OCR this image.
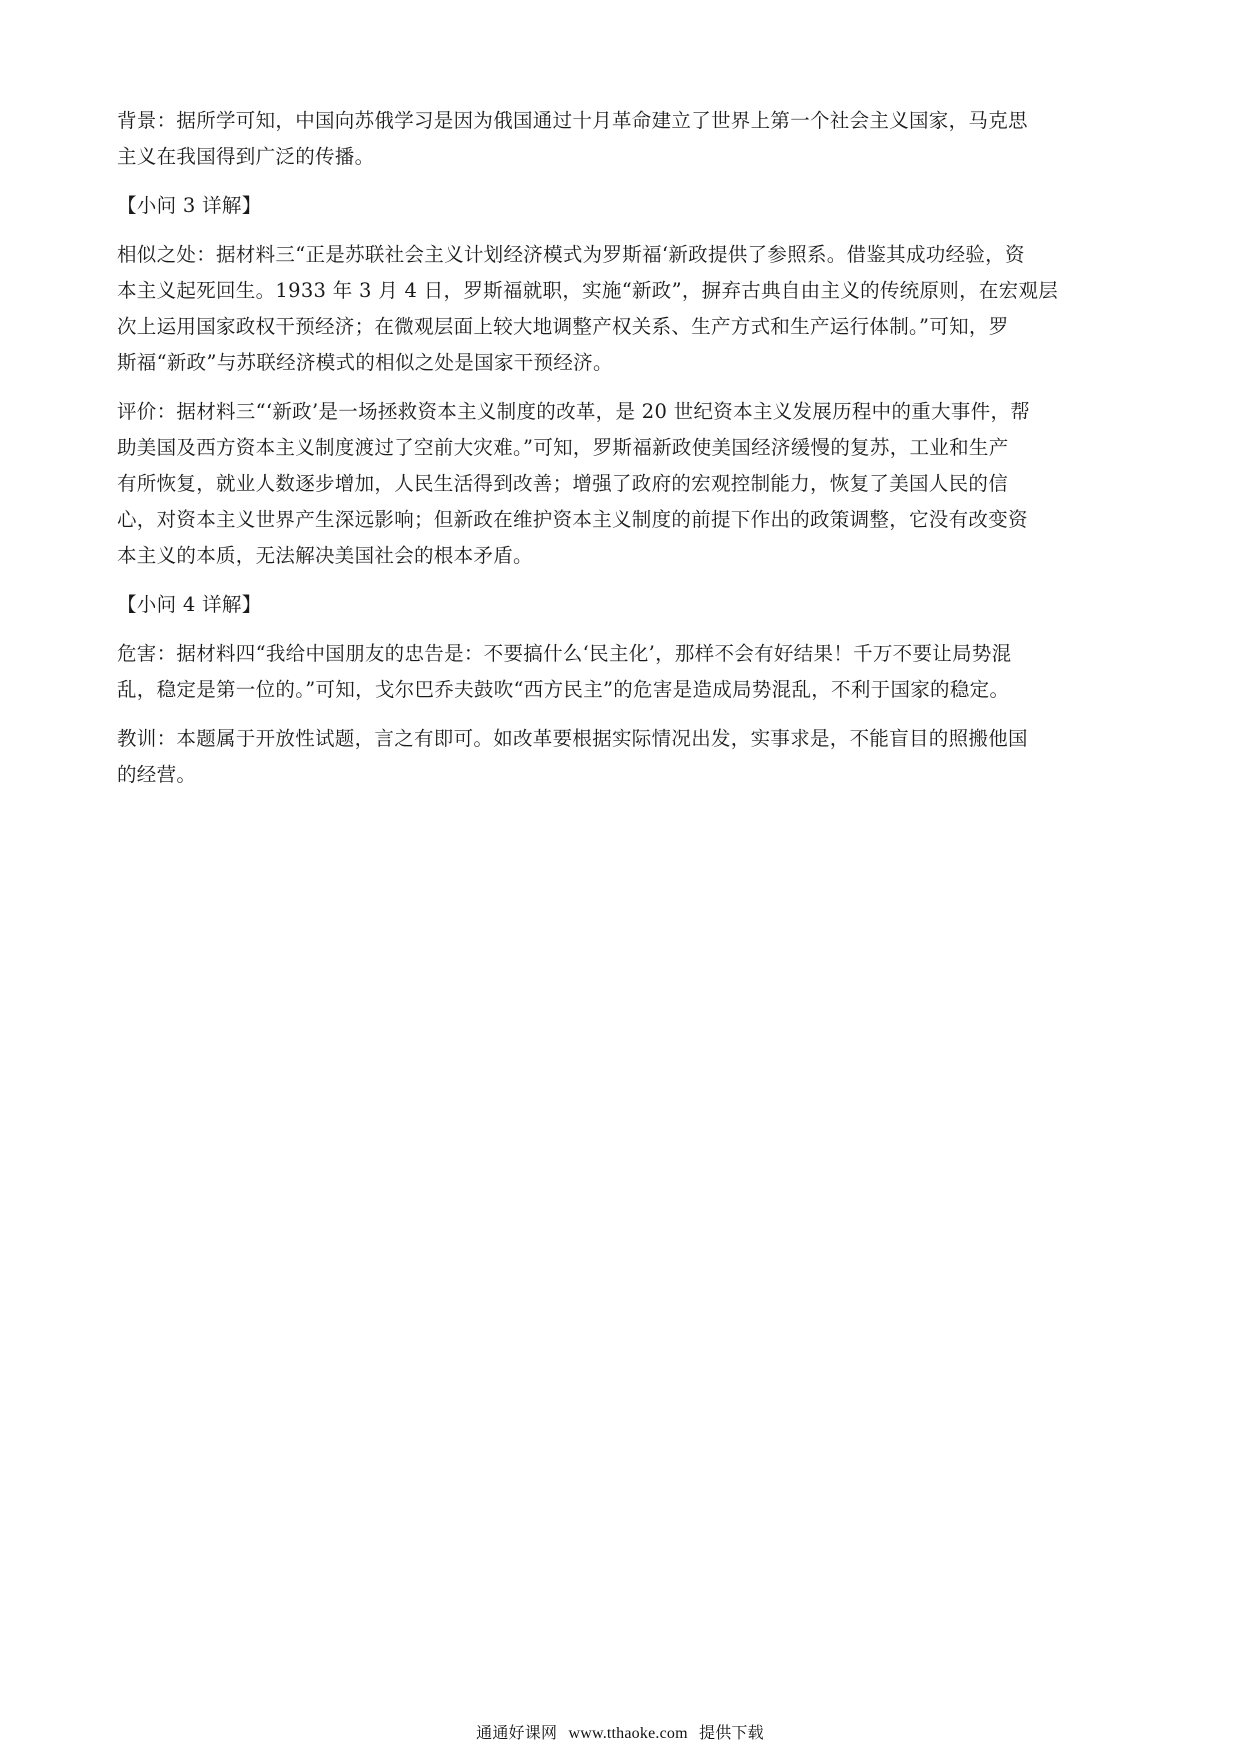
背景：据所学可知，中国向苏俄学习是因为俄国通过十月革命建立了世界上第一个社会主义国家，马克思
主义在我国得到广泛的传播。
【小问 3 详解】
相似之处：据材料三“正是苏联社会主义计划经济模式为罗斯福‘新政提供了参照系。借鉴其成功经验，资
本主义起死回生。1933 年 3 月 4 日，罗斯福就职，实施“新政”，摒弃古典自由主义的传统原则，在宏观层
次上运用国家政权干预经济；在微观层面上较大地调整产权关系、生产方式和生产运行体制。”可知，罗
斯福“新政”与苏联经济模式的相似之处是国家干预经济。
评价：据材料三“‘新政’是一场拯救资本主义制度的改革，是 20 世纪资本主义发展历程中的重大事件，帮
助美国及西方资本主义制度渡过了空前大灾难。”可知，罗斯福新政使美国经济缓慢的复苏，工业和生产
有所恢复，就业人数逐步增加，人民生活得到改善；增强了政府的宏观控制能力，恢复了美国人民的信
心，对资本主义世界产生深远影响；但新政在维护资本主义制度的前提下作出的政策调整，它没有改变资
本主义的本质，无法解决美国社会的根本矛盾。
【小问 4 详解】
危害：据材料四“我给中国朋友的忠告是：不要搞什么‘民主化’，那样不会有好结果！千万不要让局势混
乱，稳定是第一位的。”可知，戈尔巴乔夫鼓吹“西方民主”的危害是造成局势混乱，不利于国家的稳定。
教训：本题属于开放性试题，言之有即可。如改革要根据实际情况出发，实事求是，不能盲目的照搬他国
的经营。
通通好课网 www.tthaoke.com 提供下载
